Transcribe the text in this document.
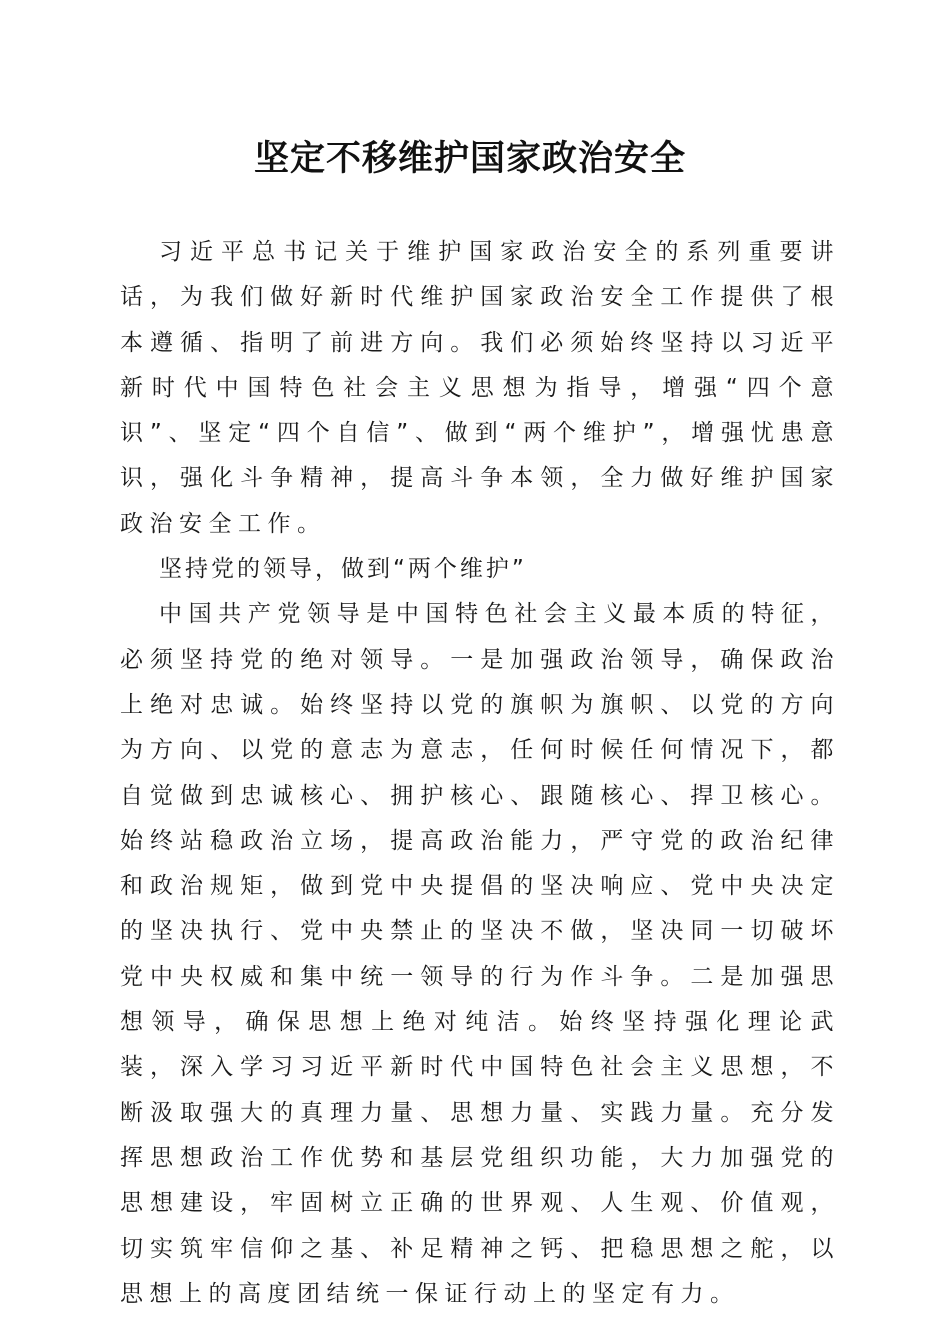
坚定不移维护国家政治安全

习近平总书记关于维护国家政治安全的系列重要讲话，为我们做好新时代维护国家政治安全工作提供了根本遵循、指明了前进方向。我们必须始终坚持以习近平新时代中国特色社会主义思想为指导，增强“四个意识”、坚定“四个自信”、做到“两个维护”，增强忧患意识，强化斗争精神，提高斗争本领，全力做好维护国家政治安全工作。

坚持党的领导，做到“两个维护”

中国共产党领导是中国特色社会主义最本质的特征，必须坚持党的绝对领导。一是加强政治领导，确保政治上绝对忠诚。始终坚持以党的旗帜为旗帜、以党的方向为方向、以党的意志为意志，任何时候任何情况下，都自觉做到忠诚核心、拥护核心、跟随核心、捍卫核心。始终站稳政治立场，提高政治能力，严守党的政治纪律和政治规矩，做到党中央提倡的坚决响应、党中央决定的坚决执行、党中央禁止的坚决不做，坚决同一切破坏党中央权威和集中统一领导的行为作斗争。二是加强思想领导，确保思想上绝对纯洁。始终坚持强化理论武装，深入学习习近平新时代中国特色社会主义思想，不断汲取强大的真理力量、思想力量、实践力量。充分发挥思想政治工作优势和基层党组织功能，大力加强党的思想建设，牢固树立正确的世界观、人生观、价值观，切实筑牢信仰之基、补足精神之钙、把稳思想之舵，以思想上的高度团结统一保证行动上的坚定有力。
